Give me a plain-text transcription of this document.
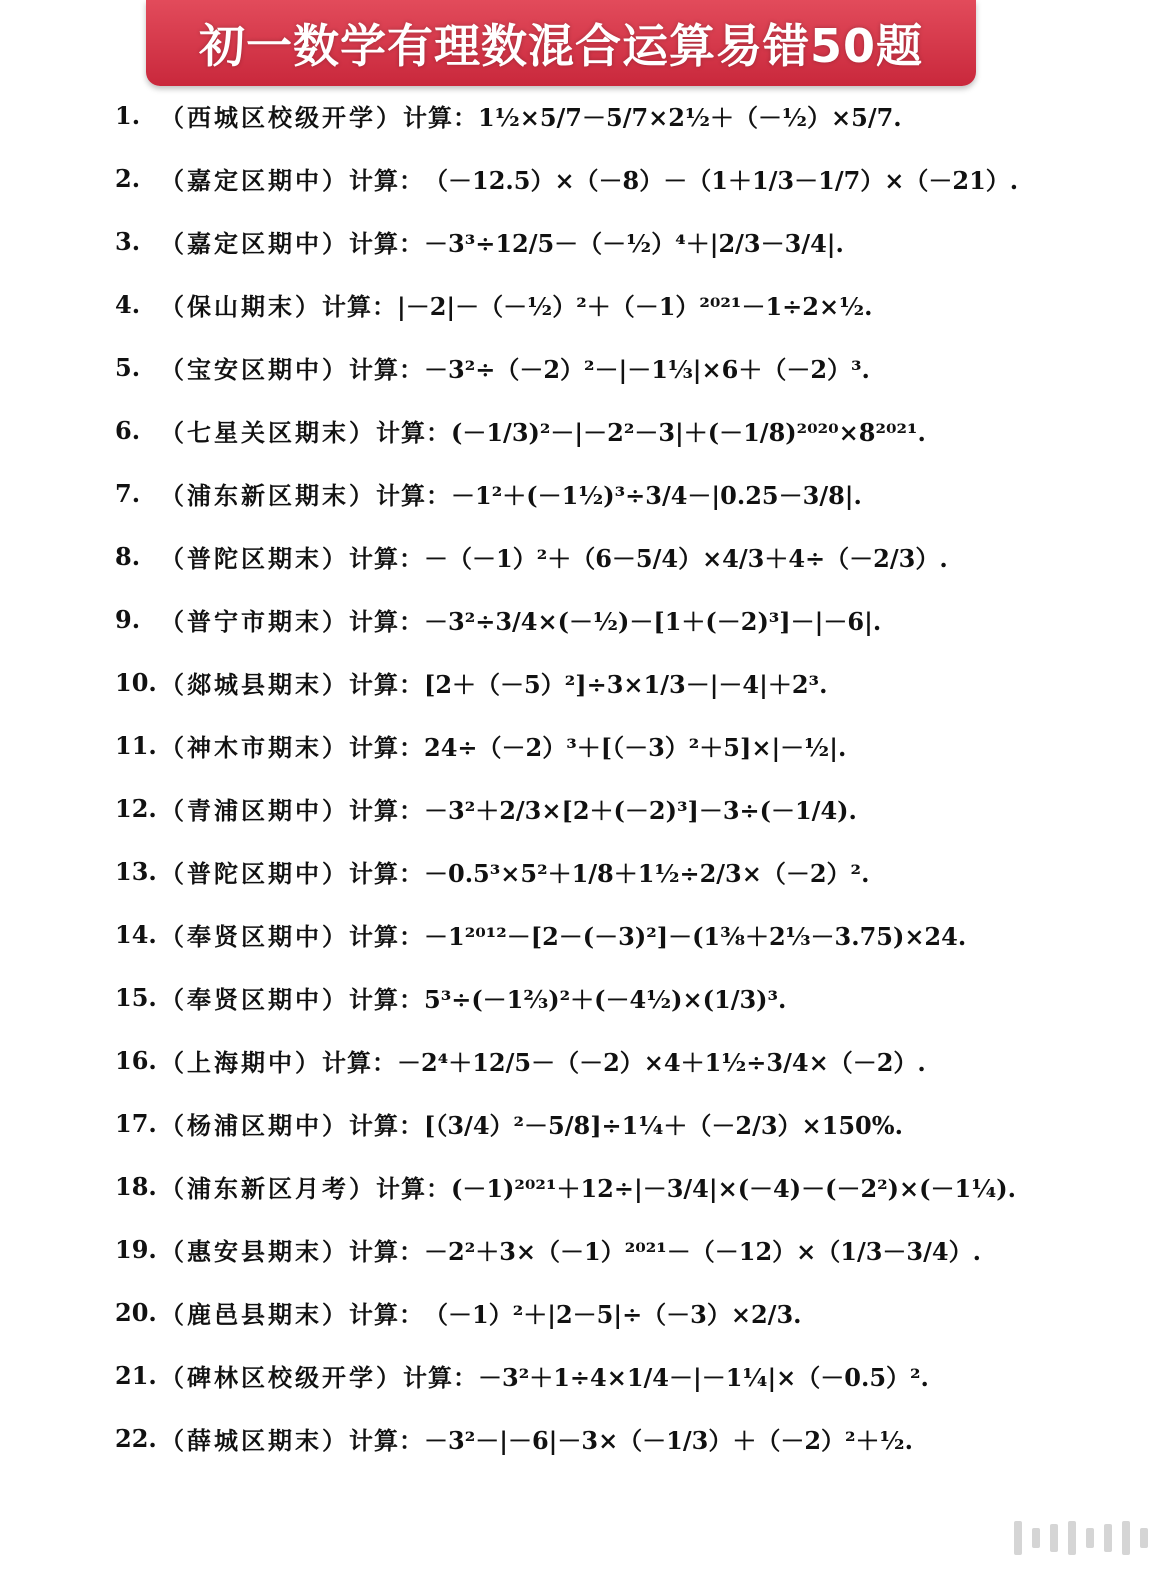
初一数学有理数混合运算易错50题
1. （西城区校级开学） 计算： 1½×5/7－5/7×2½＋（－½）×5/7.
2. （嘉定区期中） 计算： （－12.5）×（－8）－（1＋1/3－1/7）×（－21）.
3. （嘉定区期中） 计算： －3³÷12/5－（－½）⁴＋|2/3－3/4|.
4. （保山期末） 计算： |－2|－（－½）²＋（－1）²⁰²¹－1÷2×½.
5. （宝安区期中） 计算： －3²÷（－2）²－|－1⅓|×6＋（－2）³.
6. （七星关区期末） 计算： (－1/3)²－|－2²－3|＋(－1/8)²⁰²⁰×8²⁰²¹.
7. （浦东新区期末） 计算： －1²＋(－1½)³÷3/4－|0.25－3/8|.
8. （普陀区期末） 计算： －（－1）²＋（6－5/4）×4/3＋4÷（－2/3）.
9. （普宁市期末） 计算： －3²÷3/4×(－½)－[1＋(－2)³]－|－6|.
10. （郯城县期末） 计算： [2＋（－5）²]÷3×1/3－|－4|＋2³.
11. （神木市期末） 计算： 24÷（－2）³＋[（－3）²＋5]×|－½|.
12. （青浦区期中） 计算： －3²＋2/3×[2＋(－2)³]－3÷(－1/4).
13. （普陀区期中） 计算： －0.5³×5²＋1/8＋1½÷2/3×（－2）².
14. （奉贤区期中） 计算： －1²⁰¹²－[2－(－3)²]－(1⅜＋2⅓－3.75)×24.
15. （奉贤区期中） 计算： 5³÷(－1⅔)²＋(－4½)×(1/3)³.
16. （上海期中） 计算： －2⁴＋12/5－（－2）×4＋1½÷3/4×（－2）.
17. （杨浦区期中） 计算： [（3/4）²－5/8]÷1¼＋（－2/3）×150%.
18. （浦东新区月考） 计算： (－1)²⁰²¹＋12÷|－3/4|×(－4)－(－2²)×(－1¼).
19. （惠安县期末） 计算： －2²＋3×（－1）²⁰²¹－（－12）×（1/3－3/4）.
20. （鹿邑县期末） 计算： （－1）²＋|2－5|÷（－3）×2/3.
21. （碑林区校级开学） 计算： －3²＋1÷4×1/4－|－1¼|×（－0.5）².
22. （薛城区期末） 计算： －3²－|－6|－3×（－1/3）＋（－2）²＋½.
